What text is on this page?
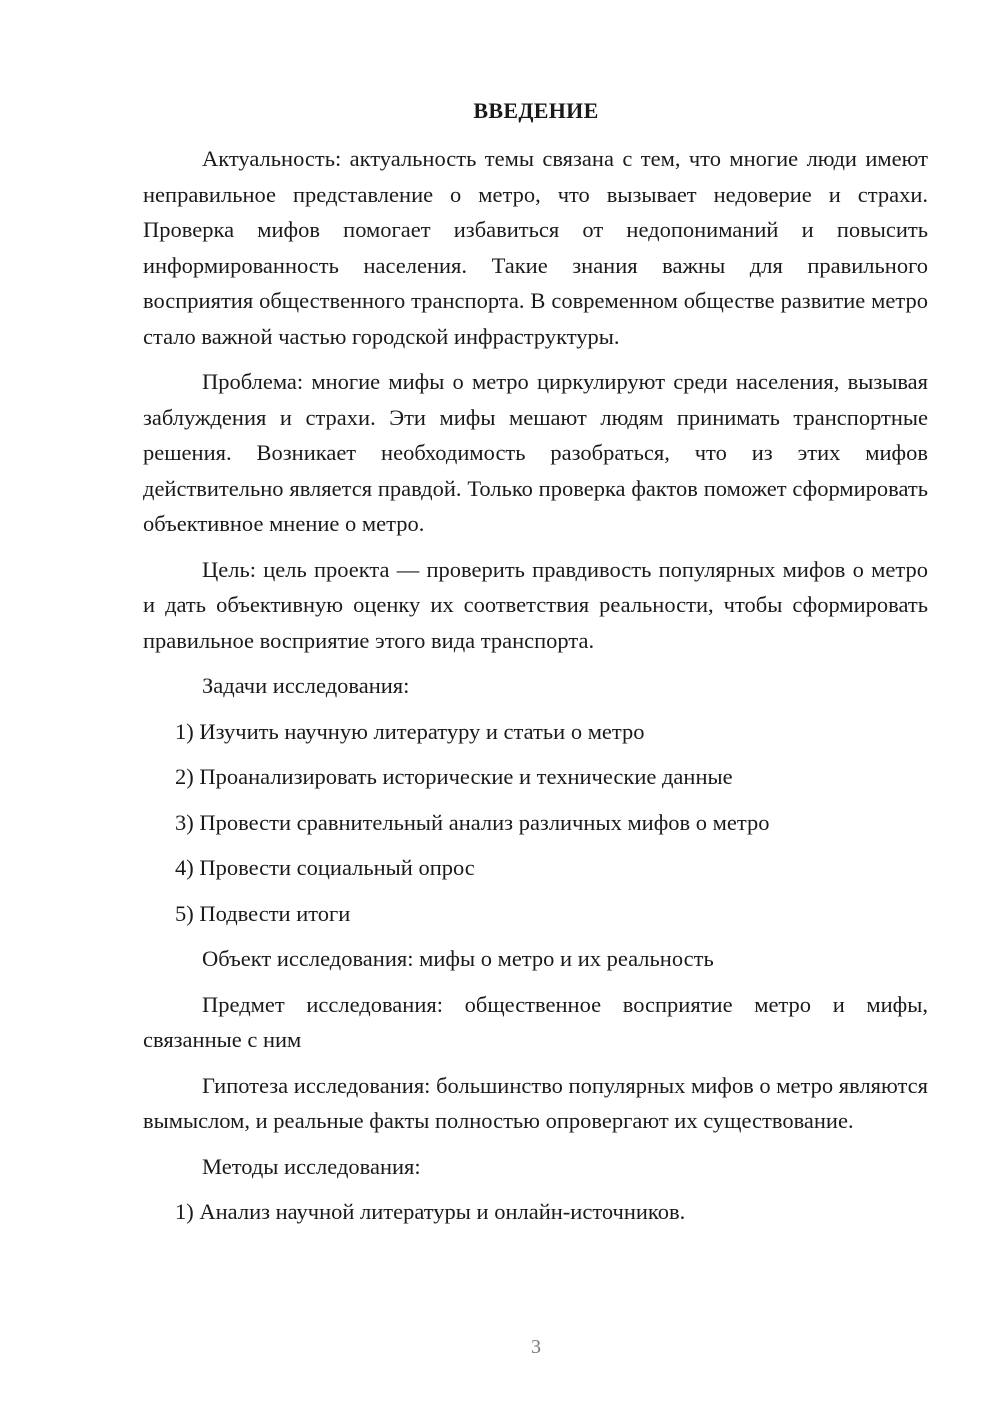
ВВЕДЕНИЕ

Актуальность: актуальность темы связана с тем, что многие люди имеют неправильное представление о метро, что вызывает недоверие и страхи. Проверка мифов помогает избавиться от недопониманий и повысить информированность населения. Такие знания важны для правильного восприятия общественного транспорта. В современном обществе развитие метро стало важной частью городской инфраструктуры.

Проблема: многие мифы о метро циркулируют среди населения, вызывая заблуждения и страхи. Эти мифы мешают людям принимать транспортные решения. Возникает необходимость разобраться, что из этих мифов действительно является правдой. Только проверка фактов поможет сформировать объективное мнение о метро.

Цель: цель проекта — проверить правдивость популярных мифов о метро и дать объективную оценку их соответствия реальности, чтобы сформировать правильное восприятие этого вида транспорта.

Задачи исследования:

1) Изучить научную литературу и статьи о метро

2) Проанализировать исторические и технические данные

3) Провести сравнительный анализ различных мифов о метро

4) Провести социальный опрос

5) Подвести итоги

Объект исследования: мифы о метро и их реальность

Предмет исследования: общественное восприятие метро и мифы, связанные с ним

Гипотеза исследования: большинство популярных мифов о метро являются вымыслом, и реальные факты полностью опровергают их существование.

Методы исследования:

1) Анализ научной литературы и онлайн-источников.

3
